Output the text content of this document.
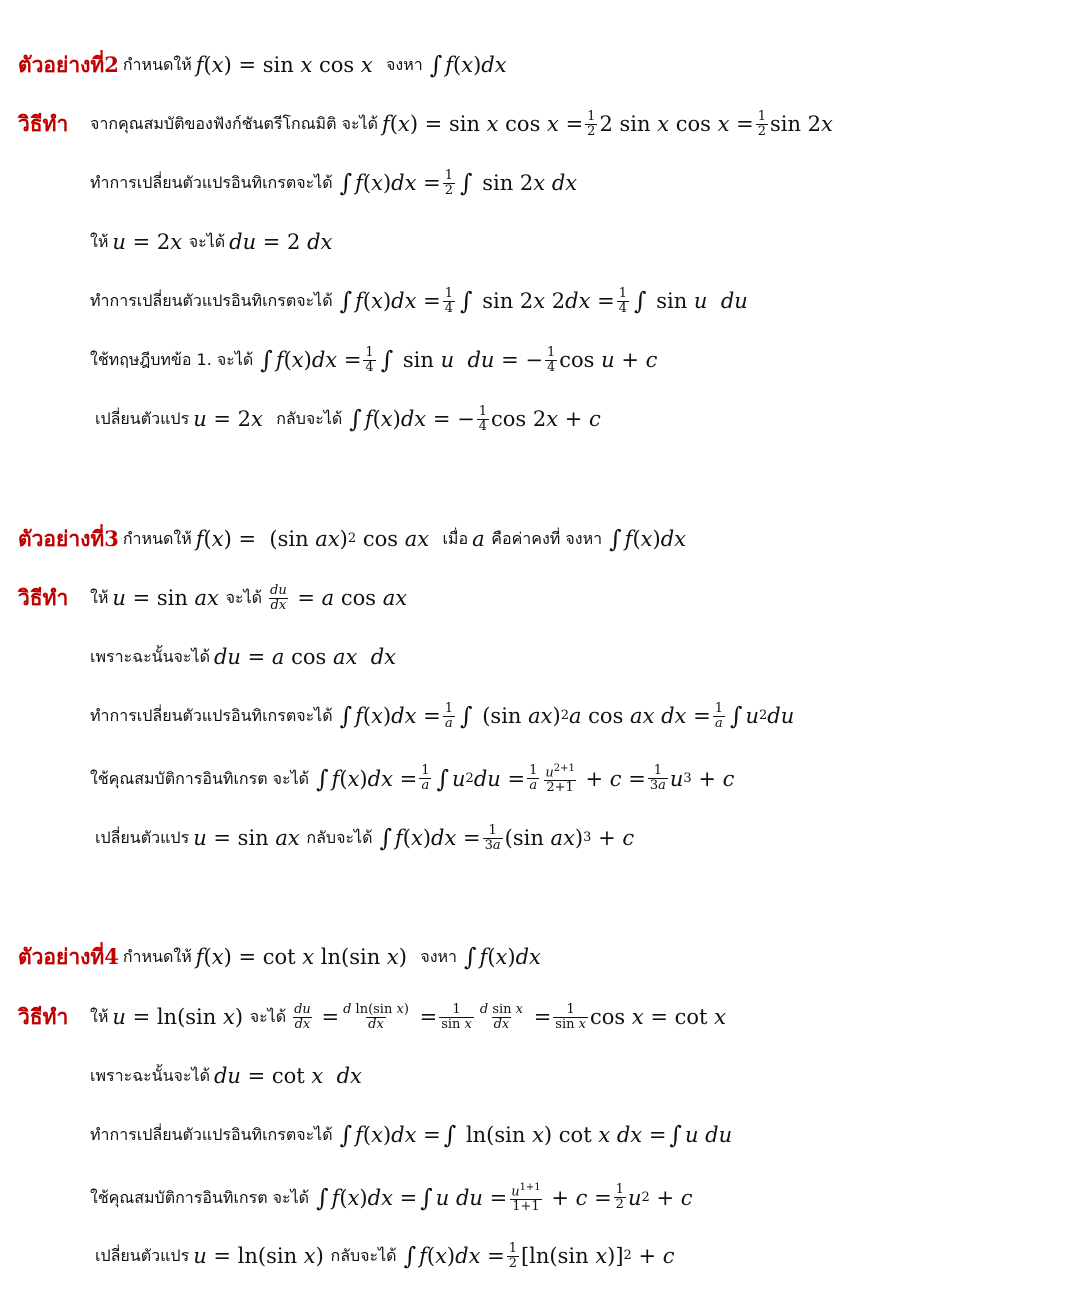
ตัวอย่างที่2 กำหนดให้ f ( x ) = sin x cos x
จงหา ∫ f ( x ) dx
วิธีทำ	จากคุณสมบัติของฟังก์ชันตรีโกณมิติ จะได้ f ( x ) = sin x $\cos x = \frac{1}{2} 2$ sin x $\cos x = \frac{1}{2}$ sin 2 x
ทำการเปลี่ยนตัวแปรอินทิเกรตจะได้ ∫ f ( x ) dx = $\frac{1}{2}$ ∫ sin 2 x
dx
ให้ u = 2 x
จะได้ du = 2 dx
ทำการเปลี่ยนตัวแปรอินทิเกรตจะได้ ∫ f ( x ) dx = $\frac{1}{4}$ ∫ sin 2 x 2 dx = $\frac{1}{4}$ ∫ sin u
du
ใช้ทฤษฎีบทข้อ 1. จะได้ ∫ f ( x ) dx = $\frac{1}{4}$ ∫ sin u
du = − $\frac{1}{4}$ cos u + c
เปลี่ยนตัวแปร u = 2 x
กลับจะได้ ∫ f ( x ) dx = − $\frac{1}{4}$ cos 2 x + c
ตัวอย่างที่3 กำหนดให้ f ( x ) =  (sin ax ) 2 cos ax
เมื่อ a
คือค่าคงที่ จงหา ∫ f ( x ) dx
วิธีทำ	ให้ u = sin ax
จะได้ $\frac{du}{dx} = a$ cos ax
เพราะฉะนั้นจะได้ du = a cos ax
dx
ทำการเปลี่ยนตัวแปรอินทิเกรตจะได้ ∫ f ( x ) dx = $\frac{1}{a}$ ∫ (sin ax ) 2 a cos ax
dx = $\frac{1}{a}$ ∫ u 2 du
ใช้คุณสมบัติการอินทิเกรต จะได้ ∫ f ( x ) dx = $\frac{1}{a}$ ∫ u 2 du = $\frac{1}{a} \frac{u^{2+1}}{2+1} + c = \frac{1}{3a}$ u 3 + c
เปลี่ยนตัวแปร u = sin ax
กลับจะได้ ∫ f ( x ) dx = $\frac{1}{3a} (\sin$ ax ) 3 + c
ตัวอย่างที่4 กำหนดให้ f ( x ) = cot x ln(sin x ) จงหา ∫ f ( x ) dx
วิธีทำ	ให้ u = ln(sin x ) จะได้ $\frac{du}{dx} = \frac{\text{d ln(sin x)}}{dx} = \frac{1}{\text{sin x}} \frac{\text{d sin x}}{dx} = \frac{1}{\text{sin x}}$ cos x = cot x
เพราะฉะนั้นจะได้ du = cot x
dx
ทำการเปลี่ยนตัวแปรอินทิเกรตจะได้ ∫ f ( x ) dx = ∫ ln(sin x ) cot x
dx = ∫ u
du
ใช้คุณสมบัติการอินทิเกรต จะได้ ∫ f ( x ) dx = ∫ u
du = $\frac{u^{1+1}}{1+1} + c = \frac{1}{2}$ u 2 + c
เปลี่ยนตัวแปร u = ln(sin x ) กลับจะได้ ∫ f ( x ) dx = $\frac{1}{2} [\ln(\sin$ x )] 2 + c
